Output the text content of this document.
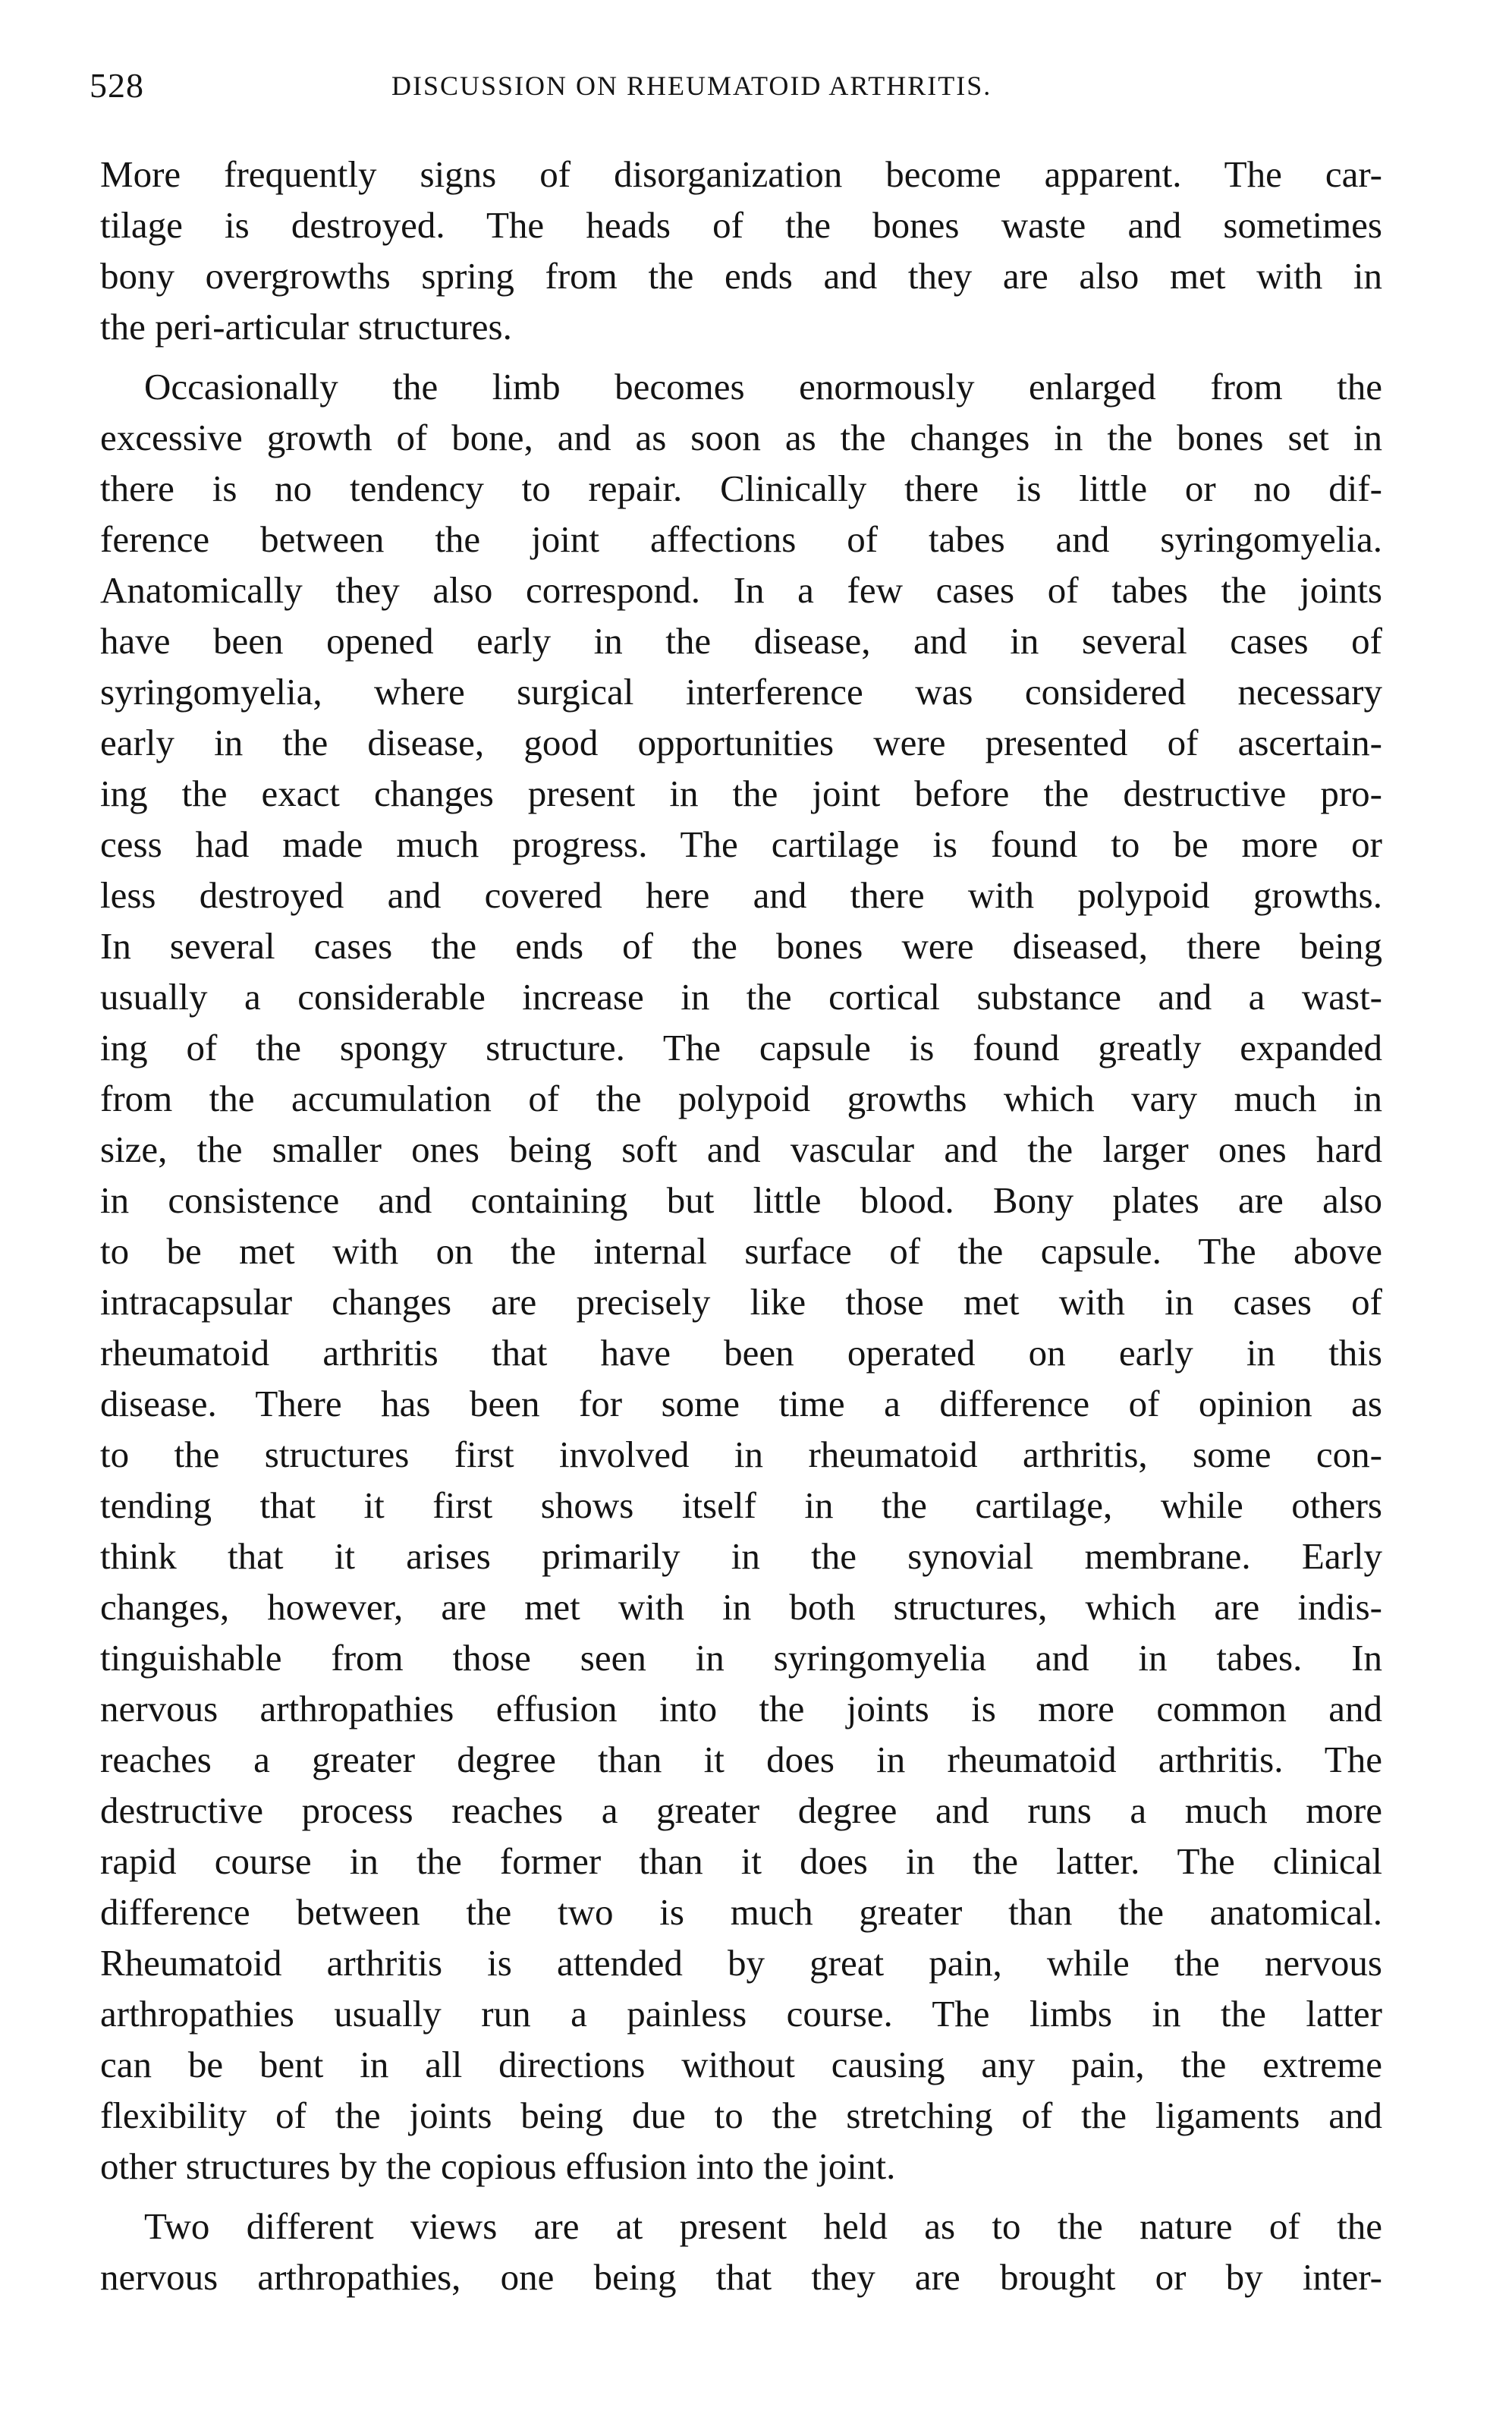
528	DISCUSSION ON RHEUMATOID ARTHRITIS.
More frequently signs of disorganization become apparent. The car-
tilage is destroyed. The heads of the bones waste and sometimes
bony overgrowths spring from the ends and they are also met with in
the peri-articular structures.
Occasionally the limb becomes enormously enlarged from the
excessive growth of bone, and as soon as the changes in the bones set in
there is no tendency to repair. Clinically there is little or no dif-
ference between the joint affections of tabes and syringomyelia.
Anatomically they also correspond. In a few cases of tabes the joints
have been opened early in the disease, and in several cases of
syringomyelia, where surgical interference was considered necessary
early in the disease, good opportunities were presented of ascertain-
ing the exact changes present in the joint before the destructive pro-
cess had made much progress. The cartilage is found to be more or
less destroyed and covered here and there with polypoid growths.
In several cases the ends of the bones were diseased, there being
usually a considerable increase in the cortical substance and a wast-
ing of the spongy structure. The capsule is found greatly expanded
from the accumulation of the polypoid growths which vary much in
size, the smaller ones being soft and vascular and the larger ones hard
in consistence and containing but little blood. Bony plates are also
to be met with on the internal surface of the capsule. The above
intracapsular changes are precisely like those met with in cases of
rheumatoid arthritis that have been operated on early in this
disease. There has been for some time a difference of opinion as
to the structures first involved in rheumatoid arthritis, some con-
tending that it first shows itself in the cartilage, while others
think that it arises primarily in the synovial membrane. Early
changes, however, are met with in both structures, which are indis-
tinguishable from those seen in syringomyelia and in tabes. In
nervous arthropathies effusion into the joints is more common and
reaches a greater degree than it does in rheumatoid arthritis. The
destructive process reaches a greater degree and runs a much more
rapid course in the former than it does in the latter. The clinical
difference between the two is much greater than the anatomical.
Rheumatoid arthritis is attended by great pain, while the nervous
arthropathies usually run a painless course. The limbs in the latter
can be bent in all directions without causing any pain, the extreme
flexibility of the joints being due to the stretching of the ligaments and
other structures by the copious effusion into the joint.
Two different views are at present held as to the nature of the
nervous arthropathies, one being that they are brought or by inter-
